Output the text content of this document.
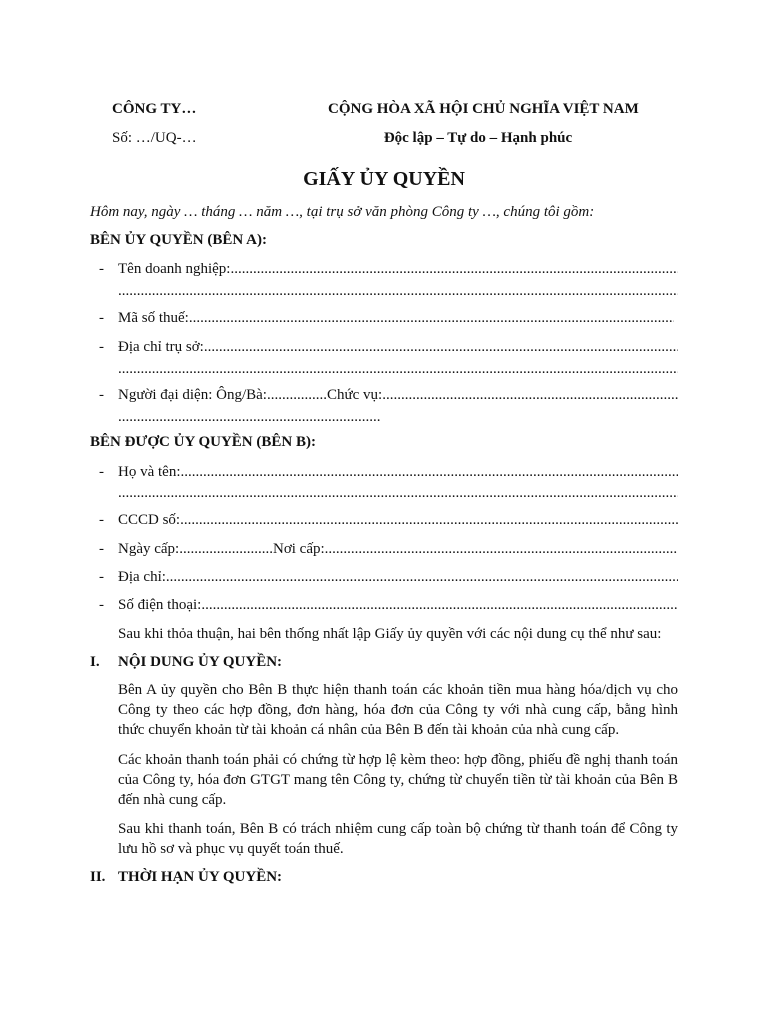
CÔNG TY…
Số: …/UQ-…
CỘNG HÒA XÃ HỘI CHỦ NGHĨA VIỆT NAM
Độc lập – Tự do – Hạnh phúc
GIẤY ỦY QUYỀN
Hôm nay, ngày … tháng … năm …, tại trụ sở văn phòng Công ty …, chúng tôi gồm:
BÊN ỦY QUYỀN (BÊN A):
- Tên doanh nghiệp:
.....
.....
- Mã số thuế:
.....
- Địa chỉ trụ sở:
.....
.....
- Người đại diện: Ông/Bà: ................ Chức vụ:
.....
......................................................................
BÊN ĐƯỢC ỦY QUYỀN (BÊN B):
- Họ và tên:
.....
.....
- CCCD số:
.....
- Ngày cấp: ......................... Nơi cấp:
.....
- Địa chỉ:
.....
- Số điện thoại:
.....
Sau khi thỏa thuận, hai bên thống nhất lập Giấy ủy quyền với các nội dung cụ thể như sau:
I. NỘI DUNG ỦY QUYỀN:
Bên A ủy quyền cho Bên B thực hiện thanh toán các khoản tiền mua hàng hóa/dịch vụ cho Công ty theo các hợp đồng, đơn hàng, hóa đơn của Công ty với nhà cung cấp, bằng hình thức chuyển khoản từ tài khoản cá nhân của Bên B đến tài khoản của nhà cung cấp.
Các khoản thanh toán phải có chứng từ hợp lệ kèm theo: hợp đồng, phiếu đề nghị thanh toán của Công ty, hóa đơn GTGT mang tên Công ty, chứng từ chuyển tiền từ tài khoản của Bên B đến nhà cung cấp.
Sau khi thanh toán, Bên B có trách nhiệm cung cấp toàn bộ chứng từ thanh toán để Công ty lưu hồ sơ và phục vụ quyết toán thuế.
II. THỜI HẠN ỦY QUYỀN:
